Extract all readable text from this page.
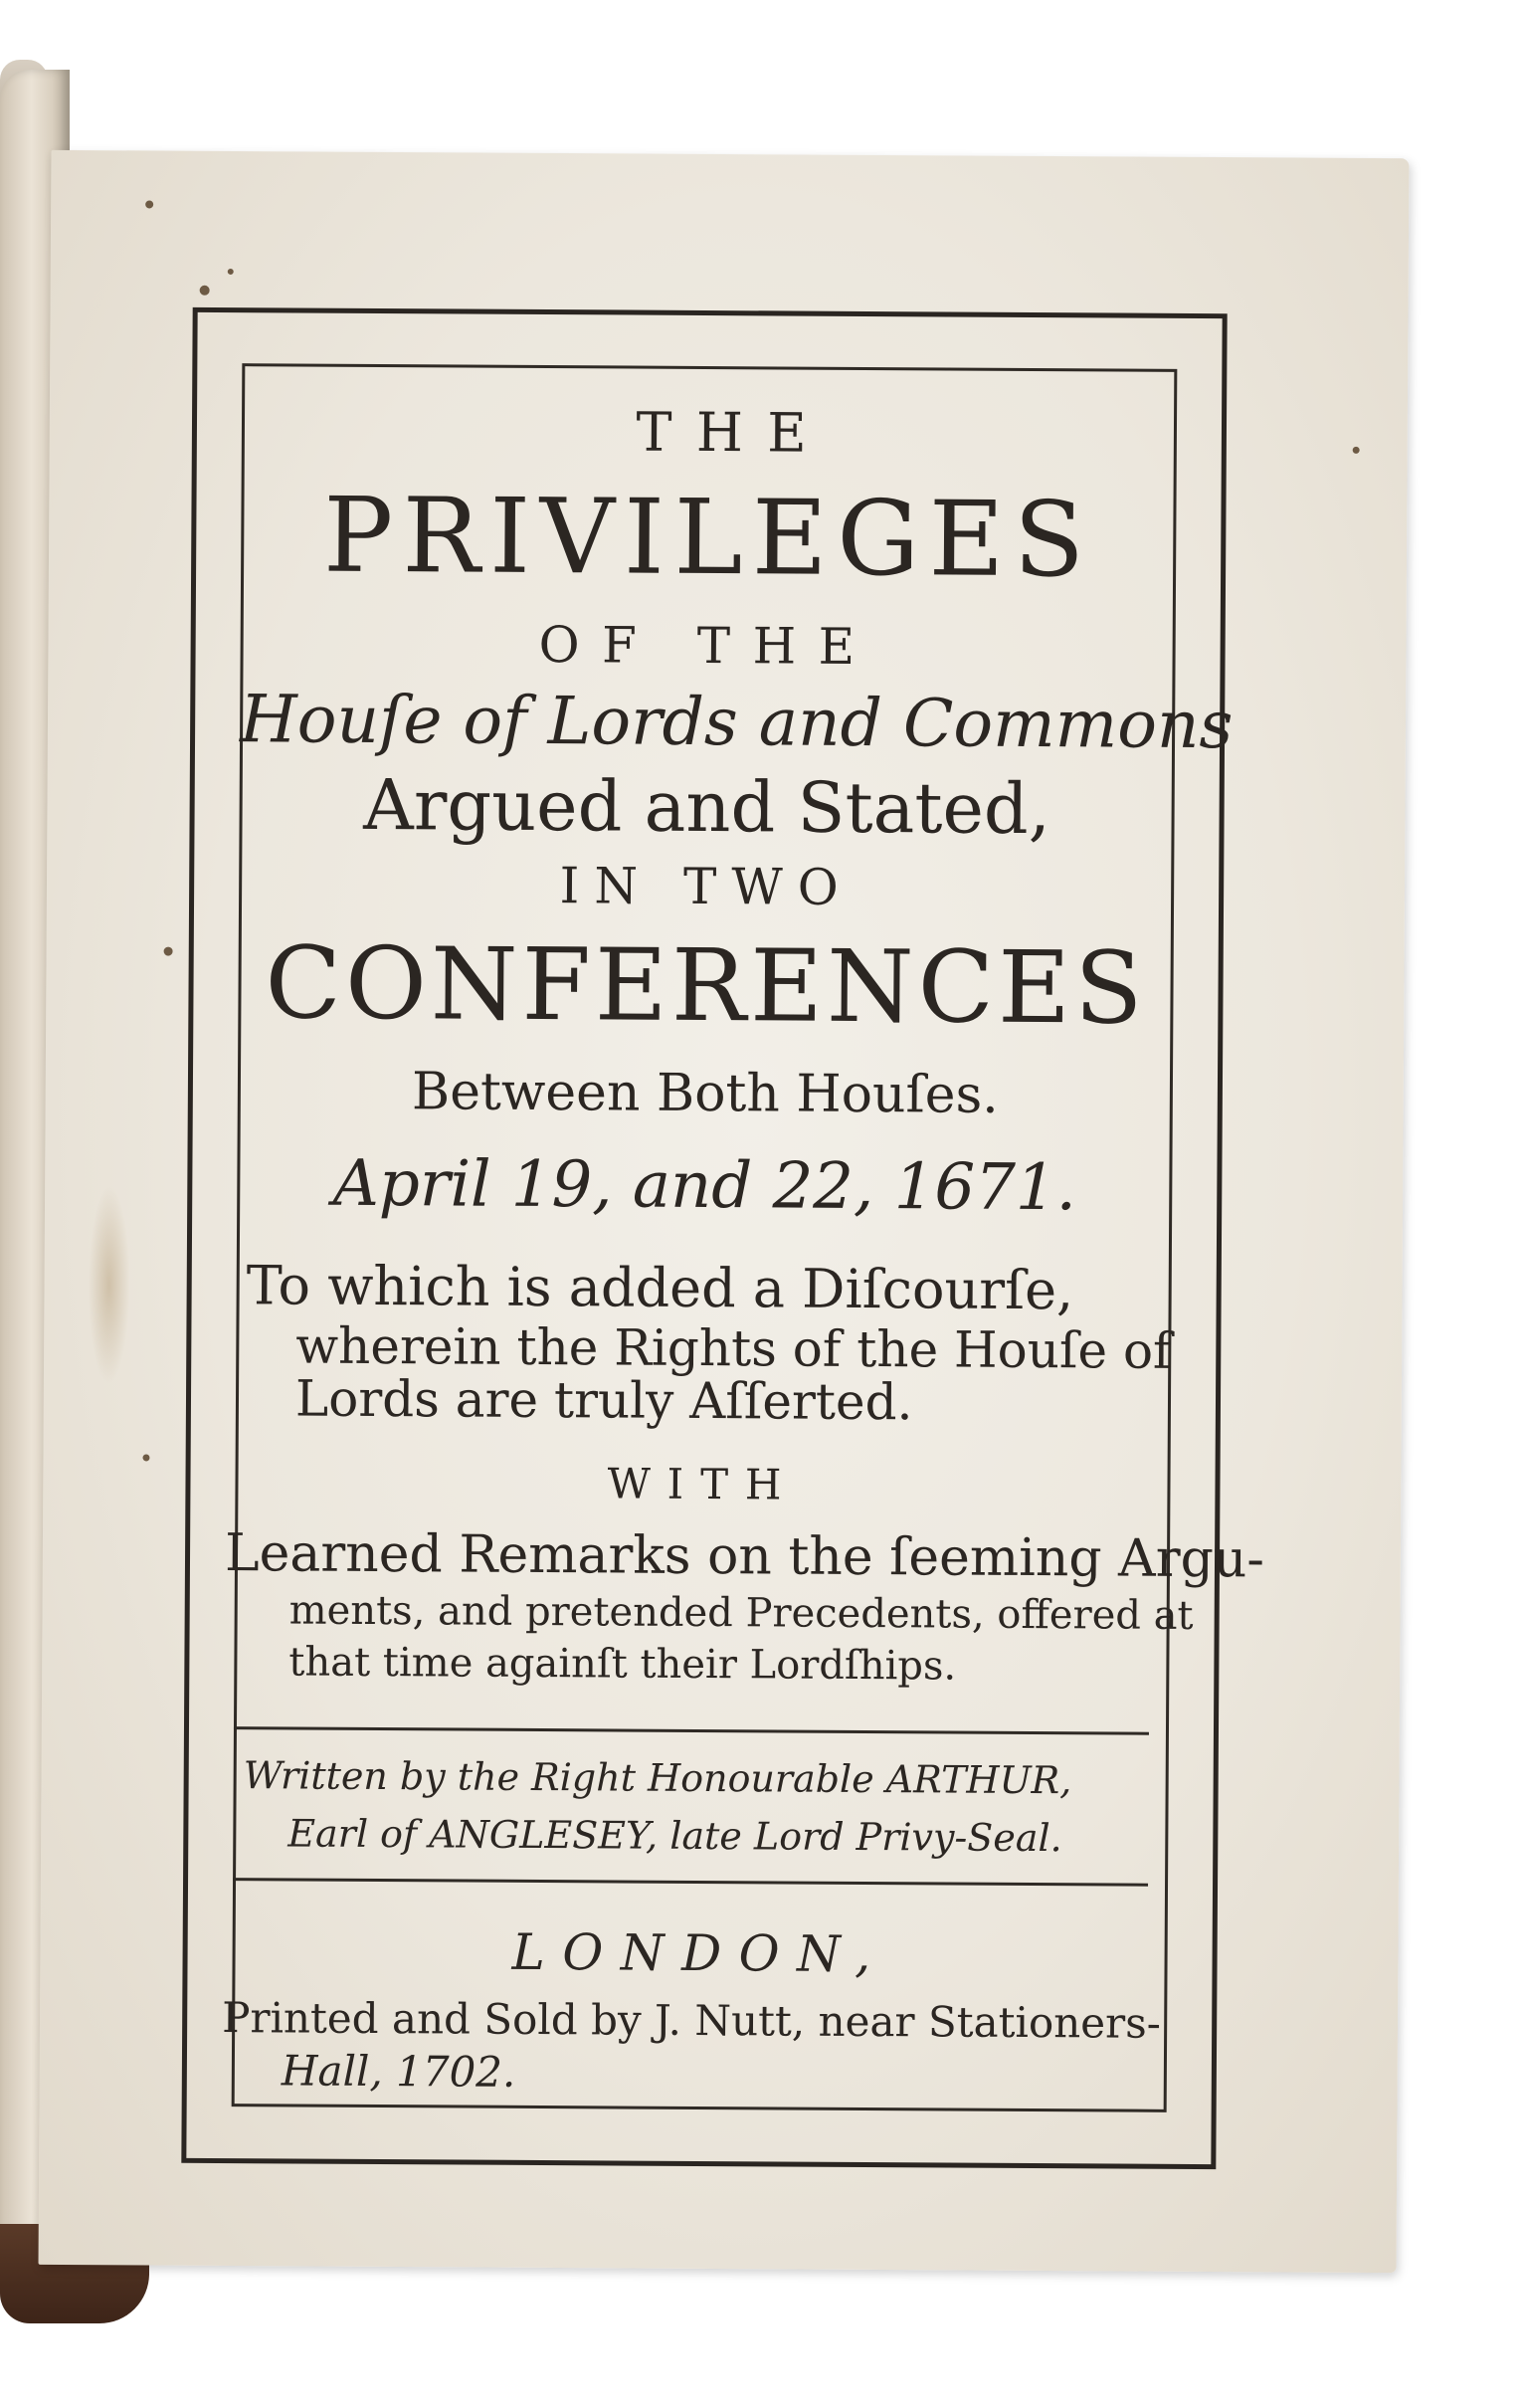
THE
PRIVILEGES
OF THE
Houſe of Lords and Commons
Argued and Stated,
IN TWO
CONFERENCES
Between Both Houſes.
April 19, and 22, 1671.
To which is added a Diſcourſe,
wherein the Rights of the Houſe of
Lords are truly Aſſerted.
WITH
Learned Remarks on the ſeeming Argu-
ments, and pretended Precedents, offered at
that time againſt their Lordſhips.
Written by the Right Honourable ARTHUR,
Earl of ANGLESEY, late Lord Privy-Seal.
LONDON,
Printed and Sold by J. Nutt, near Stationers-
Hall, 1702.
